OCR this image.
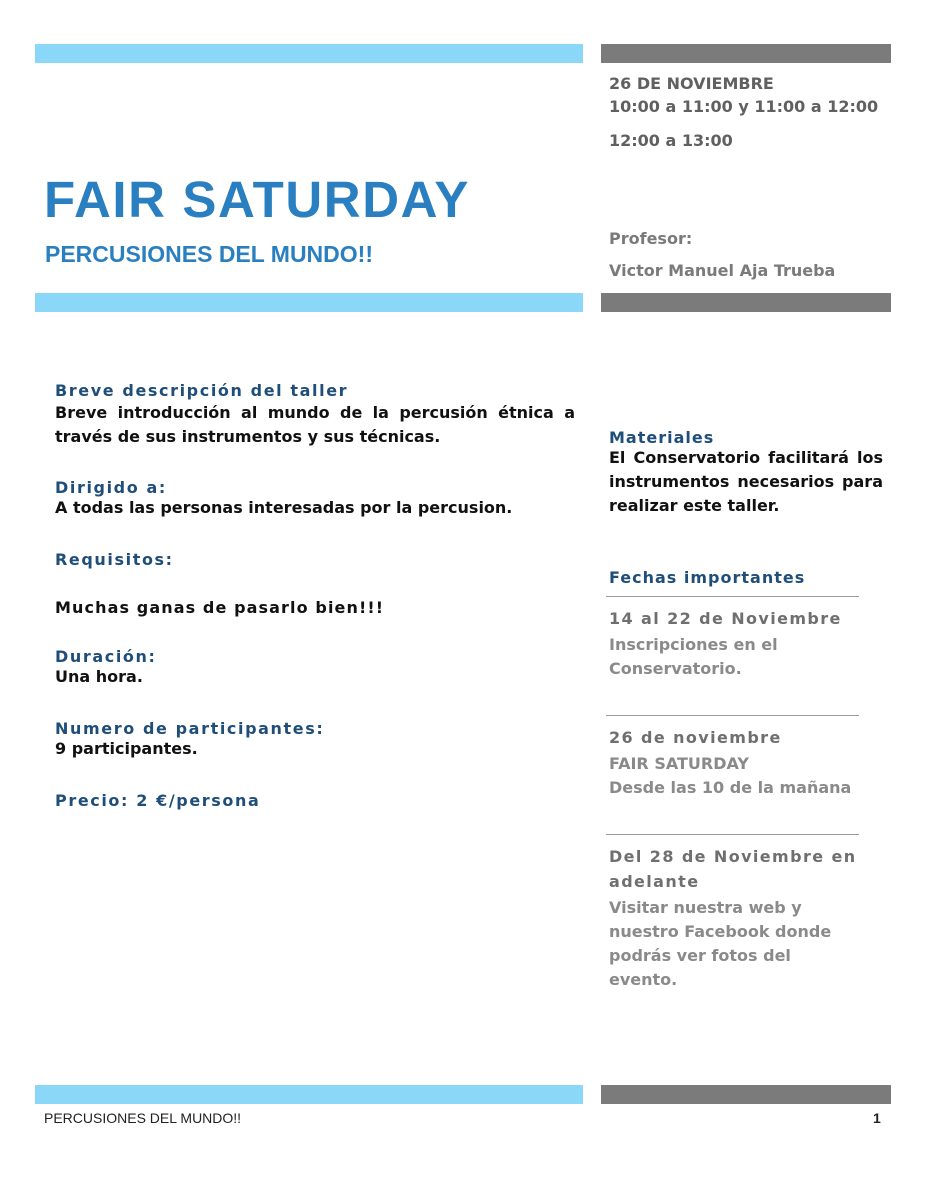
26 DE NOVIEMBRE
10:00 a 11:00 y 11:00 a 12:00
12:00 a 13:00
FAIR SATURDAY
PERCUSIONES DEL MUNDO!!
Profesor:
Victor Manuel Aja Trueba
Breve descripción del taller

Breve introducción al mundo de la percusión étnica a través de sus instrumentos y sus técnicas.

Dirigido a:

A todas las personas interesadas por la percusion.

Requisitos:

Muchas ganas de pasarlo bien!!!

Duración:

Una hora.

Numero de participantes:

9 participantes.

Precio: 2 €/persona
Materiales

El Conservatorio facilitará los instrumentos necesarios para realizar este taller.

Fechas importantes

14 al 22 de Noviembre

Inscripciones en el Conservatorio.

26 de noviembre

FAIR SATURDAY

Desde las 10 de la mañana

Del 28 de Noviembre en adelante

Visitar nuestra web y nuestro Facebook donde podrás ver fotos del evento.

PERCUSIONES DEL MUNDO!!	1
